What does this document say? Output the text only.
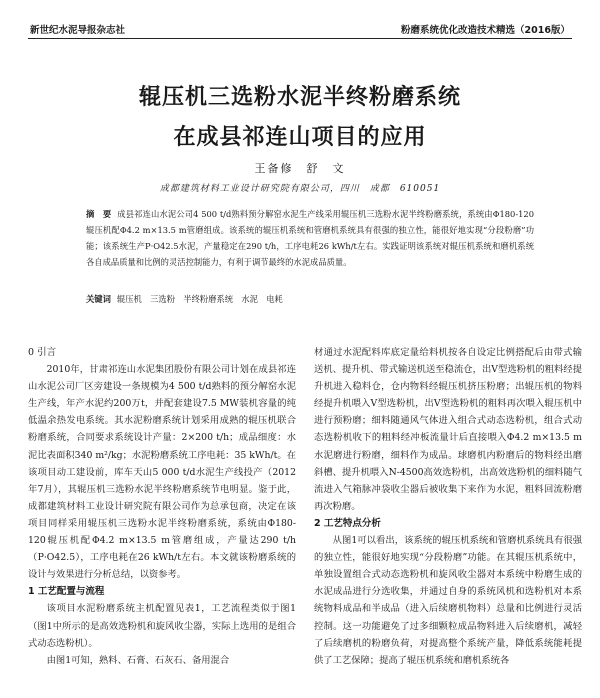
新世纪水泥导报杂志社	粉磨系统优化改造技术精选（2016版）
辊压机三选粉水泥半终粉磨系统
在成县祁连山项目的应用
王备修　舒　文
成都建筑材料工业设计研究院有限公司，四川　成都　610051
摘　要 成县祁连山水泥公司4 500 t/d熟料预分解窑水泥生产线采用辊压机三选粉水泥半终粉磨系统，系统由Φ180-120辊压机配Φ4.2 m×13.5 m管磨组成。该系统的辊压机系统和管磨机系统具有很强的独立性，能很好地实现“分段粉磨”功能；该系统生产P·O42.5水泥，产量稳定在290 t/h，工序电耗26 kWh/t左右。实践证明该系统对辊压机系统和磨机系统各自成品质量和比例的灵活控制能力，有利于调节最终的水泥成品质量。
关键词 辊压机　三选粉　半终粉磨系统　水泥　电耗

0 引言

2010年，甘肃祁连山水泥集团股份有限公司计划在成县祁连山水泥公司厂区旁建设一条规模为4 500 t/d熟料的预分解窑水泥生产线，年产水泥约200万t，并配套建设7.5 MW装机容量的纯低温余热发电系统。其水泥粉磨系统计划采用成熟的辊压机联合粉磨系统，合同要求系统设计产量：2×200 t/h；成品细度：水泥比表面积340 m²/kg；水泥粉磨系统工序电耗：35 kWh/t。在该项目动工建设前，库车天山5 000 t/d水泥生产线投产（2012年7月），其辊压机三选粉水泥半终粉磨系统节电明显。鉴于此，成都建筑材料工业设计研究院有限公司作为总承包商，决定在该项目同样采用辊压机三选粉水泥半终粉磨系统，系统由Φ180-120辊压机配Φ4.2 m×13.5 m管磨组成，产量达290 t/h（P·O42.5），工序电耗在26 kWh/t左右。本文就该粉磨系统的设计与效果进行分析总结，以资参考。

1 工艺配置与流程

该项目水泥粉磨系统主机配置见表1，工艺流程类似于图1（图1中所示的是高效选粉机和旋风收尘器，实际上选用的是组合式动态选粉机）。

由图1可知，熟料、石膏、石灰石、备用混合

材通过水泥配料库底定量给料机按各自设定比例搭配后由带式输送机、提升机、带式输送机送至稳流仓，出V型选粉机的粗料经提升机进入稳料仓，仓内物料经辊压机挤压粉磨；出辊压机的物料经提升机喂入V型选粉机，出V型选粉机的粗料再次喂入辊压机中进行预粉磨；细料随通风气体进入组合式动态选粉机，组合式动态选粉机收下的粗料经冲板流量计后直接喂入Φ4.2 m×13.5 m水泥磨进行粉磨，细料作为成品。球磨机内粉磨后的物料经出磨斜槽、提升机喂入N-4500高效选粉机，出高效选粉机的细料随气流进入气箱脉冲袋收尘器后被收集下来作为水泥，粗料回流粉磨再次粉磨。

2 工艺特点分析

从图1可以看出，该系统的辊压机系统和管磨机系统具有很强的独立性，能很好地实现“分段粉磨”功能。在其辊压机系统中，单独设置组合式动态选粉机和旋风收尘器对本系统中粉磨生成的水泥成品进行分选收集，并通过自身的系统风机和选粉机对本系统物料成品和半成品（进入后续磨机物料）总量和比例进行灵活控制。这一功能避免了过多细颗粒成品物料进入后续磨机，减轻了后续磨机的粉磨负荷，对提高整个系统产量，降低系统能耗提供了工艺保障；提高了辊压机系统和磨机系统各
